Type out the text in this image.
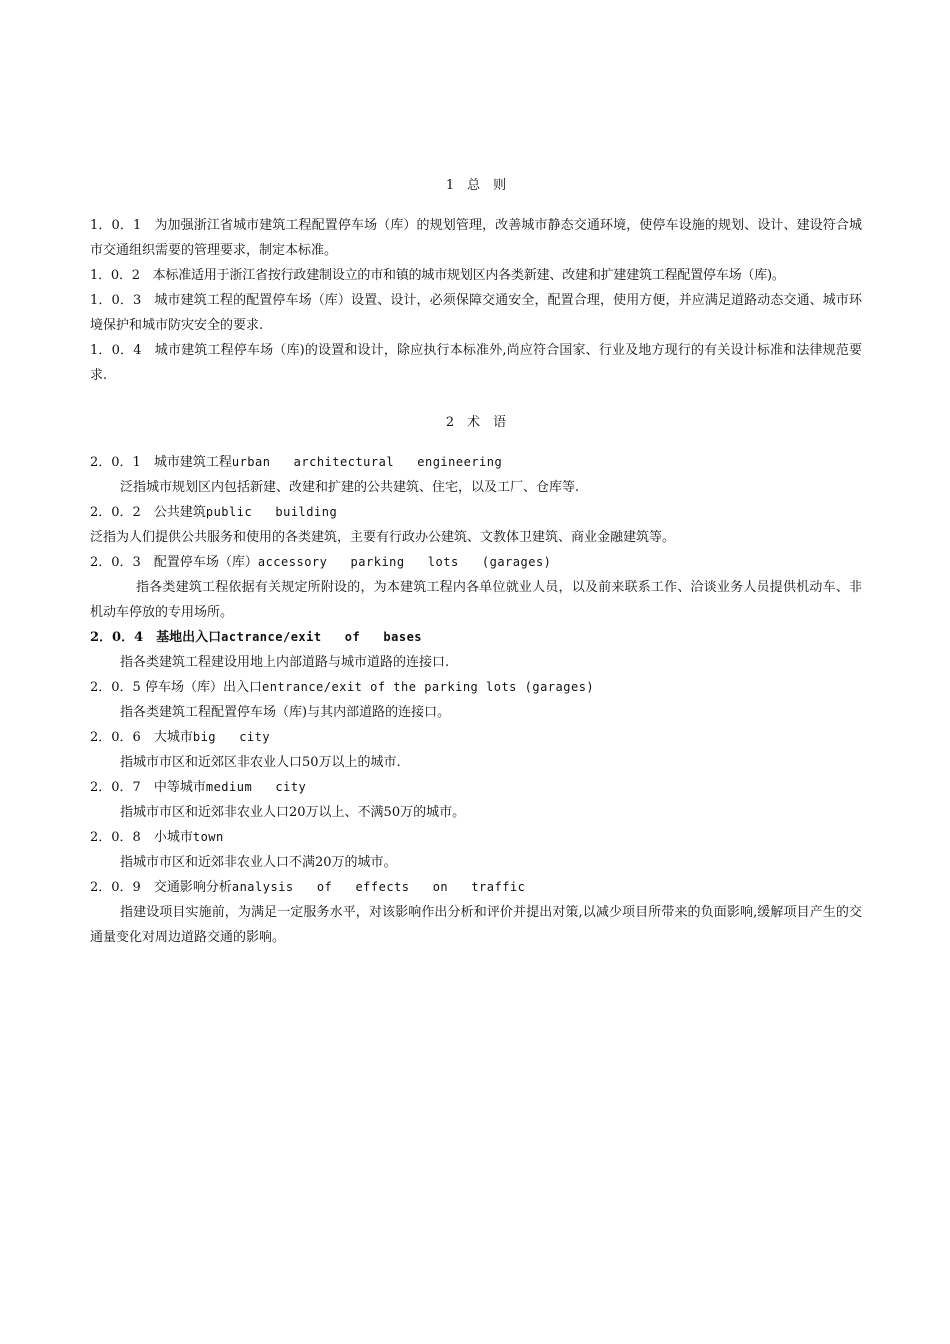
1　总　则

1．0．1　为加强浙江省城市建筑工程配置停车场（库）的规划管理，改善城市静态交通环境，使停车设施的规划、设计、建设符合城市交通组织需要的管理要求，制定本标准。

1．0．2　本标准适用于浙江省按行政建制设立的市和镇的城市规划区内各类新建、改建和扩建建筑工程配置停车场（库)。

1．0．3　城市建筑工程的配置停车场（库）设置、设计，必须保障交通安全，配置合理，使用方便，并应满足道路动态交通、城市环境保护和城市防灾安全的要求.

1．0．4　城市建筑工程停车场（库)的设置和设计，除应执行本标准外,尚应符合国家、行业及地方现行的有关设计标准和法律规范要求.

2　术　语

2．0．1　 城市建筑工程urban   architectural   engineering

泛指城市规划区内包括新建、改建和扩建的公共建筑、住宅，以及工厂、仓库等.

2．0．2　 公共建筑public   building

泛指为人们提供公共服务和使用的各类建筑，主要有行政办公建筑、文教体卫建筑、商业金融建筑等。

2．0．3　 配置停车场（库）accessory   parking   lots   (garages)

指各类建筑工程依据有关规定所附设的，为本建筑工程内各单位就业人员，以及前来联系工作、洽谈业务人员提供机动车、非机动车停放的专用场所。

2．0．4　 基地出入口actrance/exit   of   bases

指各类建筑工程建设用地上内部道路与城市道路的连接口.

2．0．5 停车场（库）出入口entrance/exit of the parking lots (garages)

指各类建筑工程配置停车场（库)与其内部道路的连接口。

2．0．6　 大城市big   city

指城市市区和近郊区非农业人口50万以上的城市.

2．0．7　 中等城市medium   city

指城市市区和近郊非农业人口20万以上、不满50万的城市。

2．0．8　 小城市town

指城市市区和近郊非农业人口不满20万的城市。

2．0．9　 交通影响分析analysis   of   effects   on   traffic

指建设项目实施前，为满足一定服务水平，对该影响作出分析和评价并提出对策,以减少项目所带来的负面影响,缓解项目产生的交通量变化对周边道路交通的影响。
